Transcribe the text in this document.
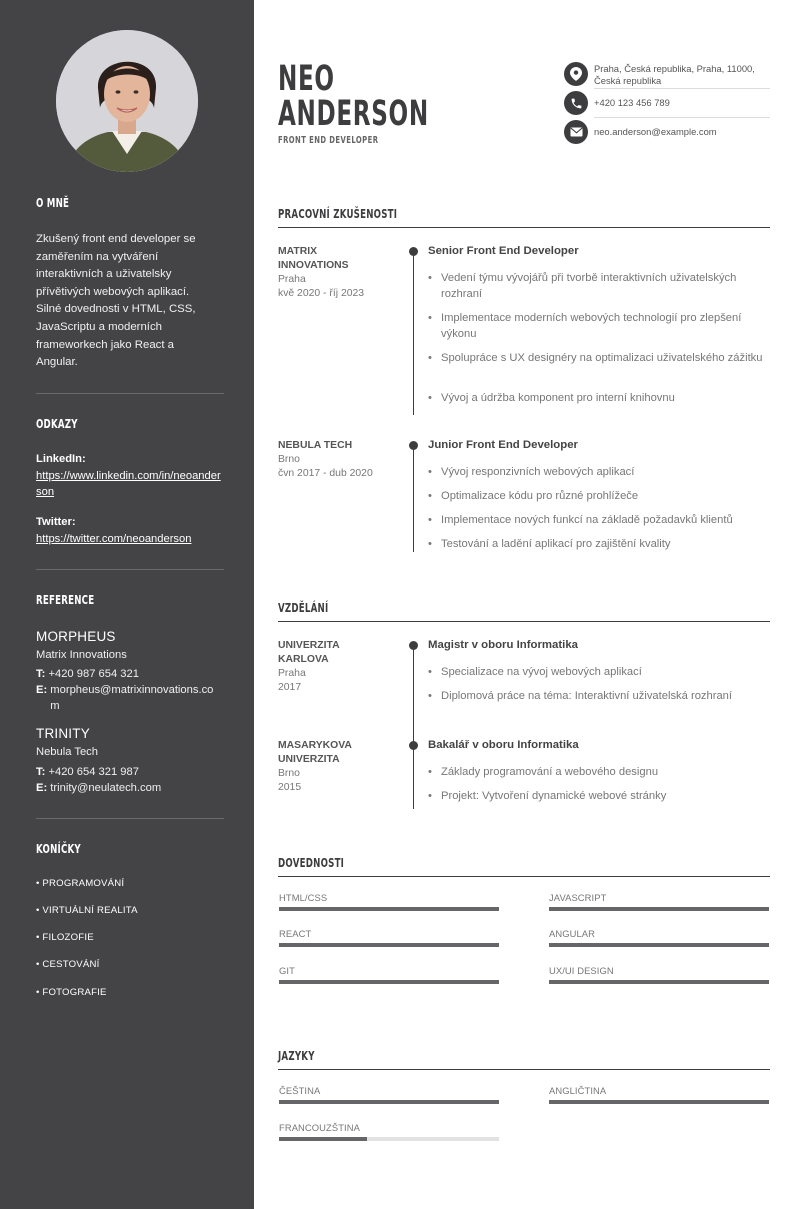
O MNĚ
Zkušený front end developer se zaměřením na vytváření interaktivních a uživatelsky přívětivých webových aplikací. Silné dovednosti v HTML, CSS, JavaScriptu a moderních frameworkech jako React a Angular.
ODKAZY
LinkedIn:
https://www.linkedin.com/in/neoanderson
Twitter:
https://twitter.com/neoanderson
REFERENCE
MORPHEUS
Matrix Innovations
T: +420 987 654 321
E:
morpheus@matrixinnovations.com
TRINITY
Nebula Tech
T: +420 654 321 987
E:
trinity@neulatech.com
KONÍČKY
• PROGRAMOVÁNÍ
• VIRTUÁLNÍ REALITA
• FILOZOFIE
• CESTOVÁNÍ
• FOTOGRAFIE
NEO
ANDERSON
FRONT END DEVELOPER
Praha, Česká republika, Praha, 11000, Česká republika
+420 123 456 789
neo.anderson@example.com
PRACOVNÍ ZKUŠENOSTI
MATRIX INNOVATIONS
Praha
kvě 2020 - říj 2023
Senior Front End Developer
• Vedení týmu vývojářů při tvorbě interaktivních uživatelských rozhraní
• Implementace moderních webových technologií pro zlepšení výkonu
• Spolupráce s UX designéry na optimalizaci uživatelského zážitku
• Vývoj a údržba komponent pro interní knihovnu
NEBULA TECH
Brno
čvn 2017 - dub 2020
Junior Front End Developer
• Vývoj responzivních webových aplikací
• Optimalizace kódu pro různé prohlížeče
• Implementace nových funkcí na základě požadavků klientů
• Testování a ladění aplikací pro zajištění kvality
VZDĚLÁNÍ
UNIVERZITA KARLOVA
Praha
2017
Magistr v oboru Informatika
• Specializace na vývoj webových aplikací
• Diplomová práce na téma: Interaktivní uživatelská rozhraní
MASARYKOVA UNIVERZITA
Brno
2015
Bakalář v oboru Informatika
• Základy programování a webového designu
• Projekt: Vytvoření dynamické webové stránky
DOVEDNOSTI
HTML/CSS	JAVASCRIPT
REACT	ANGULAR
GIT	UX/UI DESIGN
JAZYKY
ČEŠTINA	ANGLIČTINA
FRANCOUZŠTINA
